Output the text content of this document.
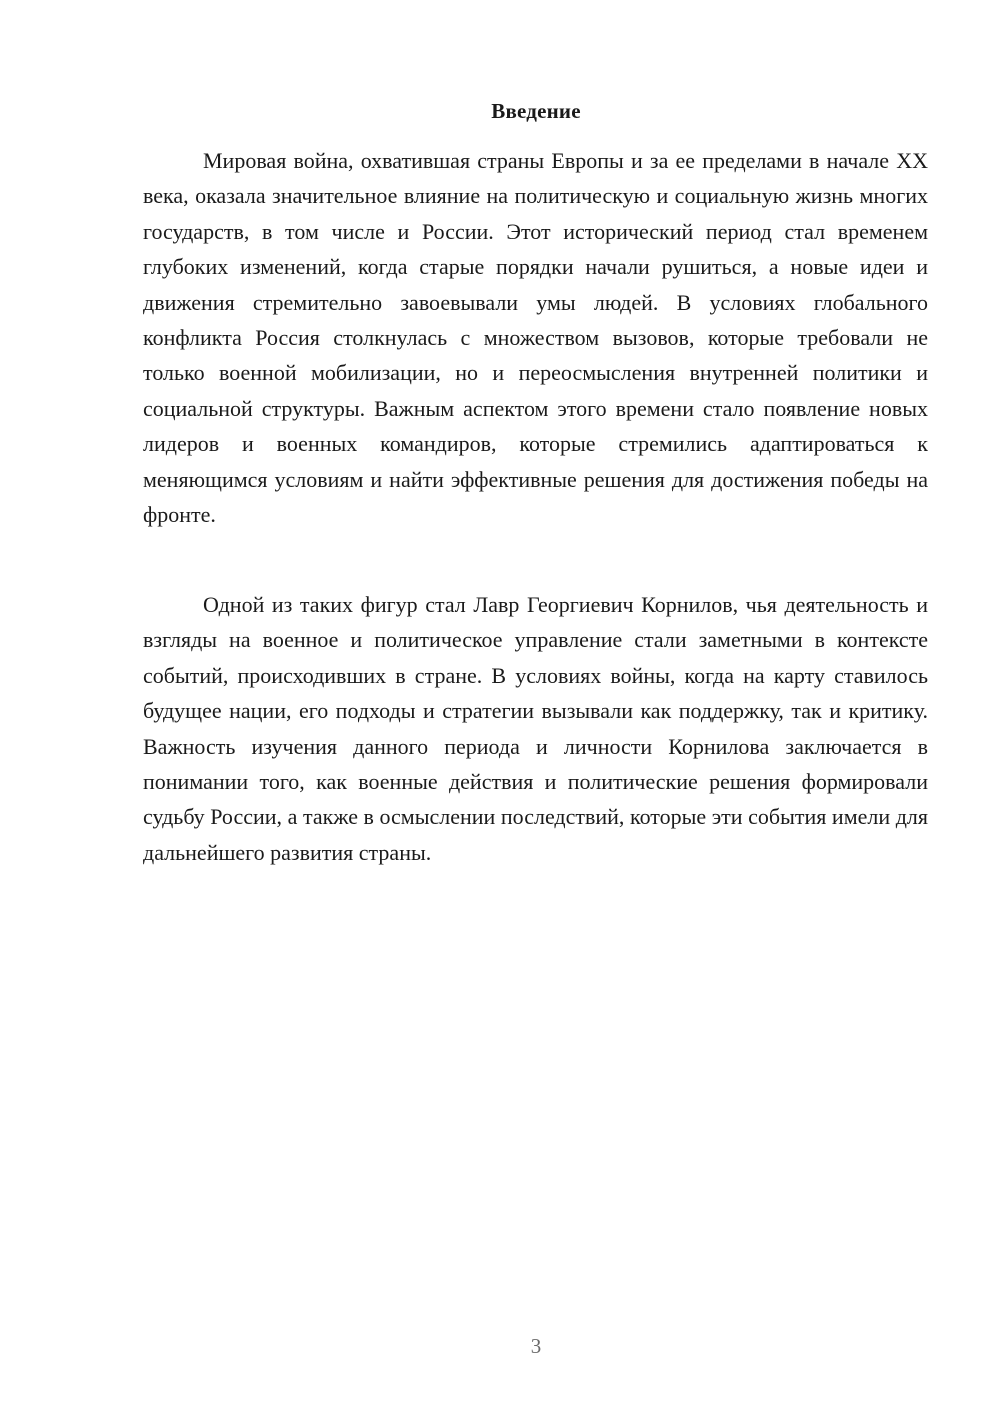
Введение

Мировая война, охватившая страны Европы и за ее пределами в начале XX века, оказала значительное влияние на политическую и социальную жизнь многих государств, в том числе и России. Этот исторический период стал временем глубоких изменений, когда старые порядки начали рушиться, а новые идеи и движения стремительно завоевывали умы людей. В условиях глобального конфликта Россия столкнулась с множеством вызовов, которые требовали не только военной мобилизации, но и переосмысления внутренней политики и социальной структуры. Важным аспектом этого времени стало появление новых лидеров и военных командиров, которые стремились адаптироваться к меняющимся условиям и найти эффективные решения для достижения победы на фронте.

Одной из таких фигур стал Лавр Георгиевич Корнилов, чья деятельность и взгляды на военное и политическое управление стали заметными в контексте событий, происходивших в стране. В условиях войны, когда на карту ставилось будущее нации, его подходы и стратегии вызывали как поддержку, так и критику. Важность изучения данного периода и личности Корнилова заключается в понимании того, как военные действия и политические решения формировали судьбу России, а также в осмыслении последствий, которые эти события имели для дальнейшего развития страны.

3
